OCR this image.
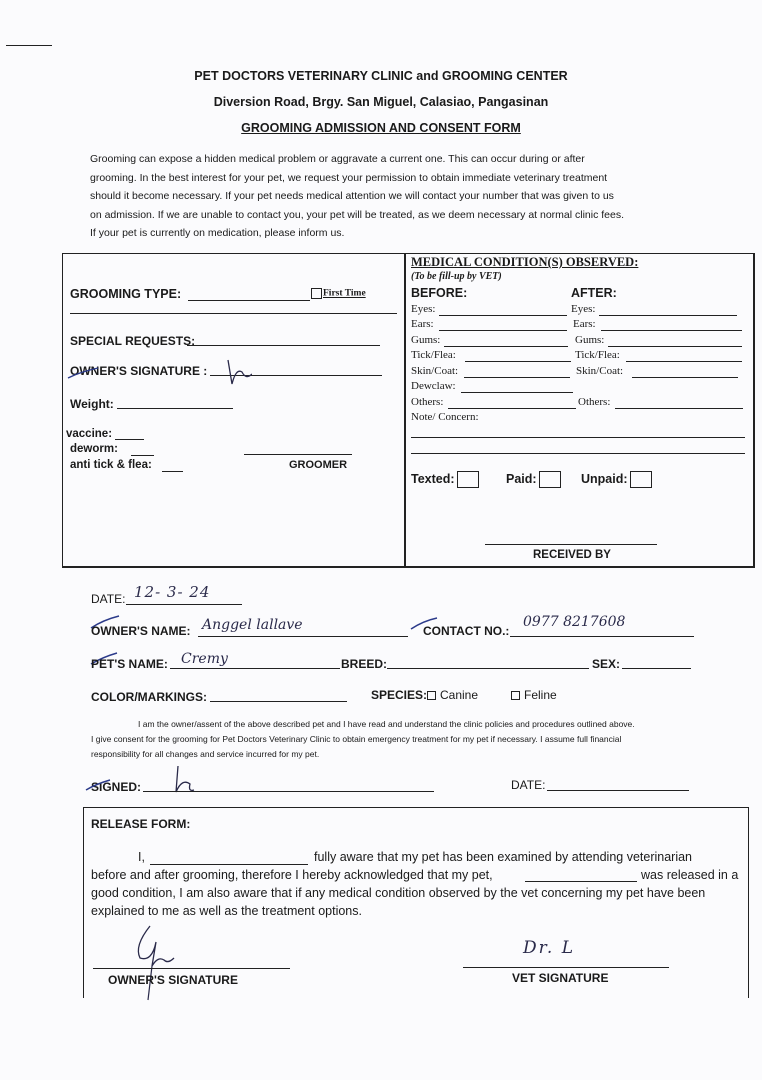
PET DOCTORS VETERINARY CLINIC and GROOMING CENTER
Diversion Road, Brgy. San Miguel, Calasiao, Pangasinan
GROOMING ADMISSION AND CONSENT FORM
Grooming can expose a hidden medical problem or aggravate a current one. This can occur during or after
grooming. In the best interest for your pet, we request your permission to obtain immediate veterinary treatment
should it become necessary. If your pet needs medical attention we will contact your number that was given to us
on admission. If we are unable to contact you, your pet will be treated, as we deem necessary at normal clinic fees.
If your pet is currently on medication, please inform us.
GROOMING TYPE:	First Time
SPECIAL REQUESTS:
OWNER'S SIGNATURE :
Weight:
vaccine:
deworm:
anti tick & flea:	GROOMER
MEDICAL CONDITION(S) OBSERVED:
(To be fill-up by VET)
BEFORE:	AFTER:
Eyes:	Eyes:
Ears:	Ears:
Gums:	Gums:
Tick/Flea:	Tick/Flea:
Skin/Coat:	Skin/Coat:
Dewclaw:
Others:	Others:
Note/ Concern:
Texted:	Paid:	Unpaid:
RECEIVED BY
DATE: 12- 3- 24
OWNER'S NAME: Anggel lallave	CONTACT NO.:
0977 8217608
PET'S NAME: Cremy	BREED:	SEX:
COLOR/MARKINGS:	SPECIES:	Canine	Feline
I am the owner/assent of the above described pet and I have read and understand the clinic policies and procedures outlined above.
I give consent for the grooming for Pet Doctors Veterinary Clinic to obtain emergency treatment for my pet if necessary. I assume full financial
responsibility for all changes and service incurred for my pet.
SIGNED:	DATE:
RELEASE FORM:
I,	fully aware that my pet has been examined by attending veterinarian
before and after grooming, therefore I hereby acknowledged that my pet,	was released in a
good condition, I am also aware that if any medical condition observed by the vet concerning my pet have been
explained to me as well as the treatment options.
OWNER'S SIGNATURE
Dr. L
VET SIGNATURE
